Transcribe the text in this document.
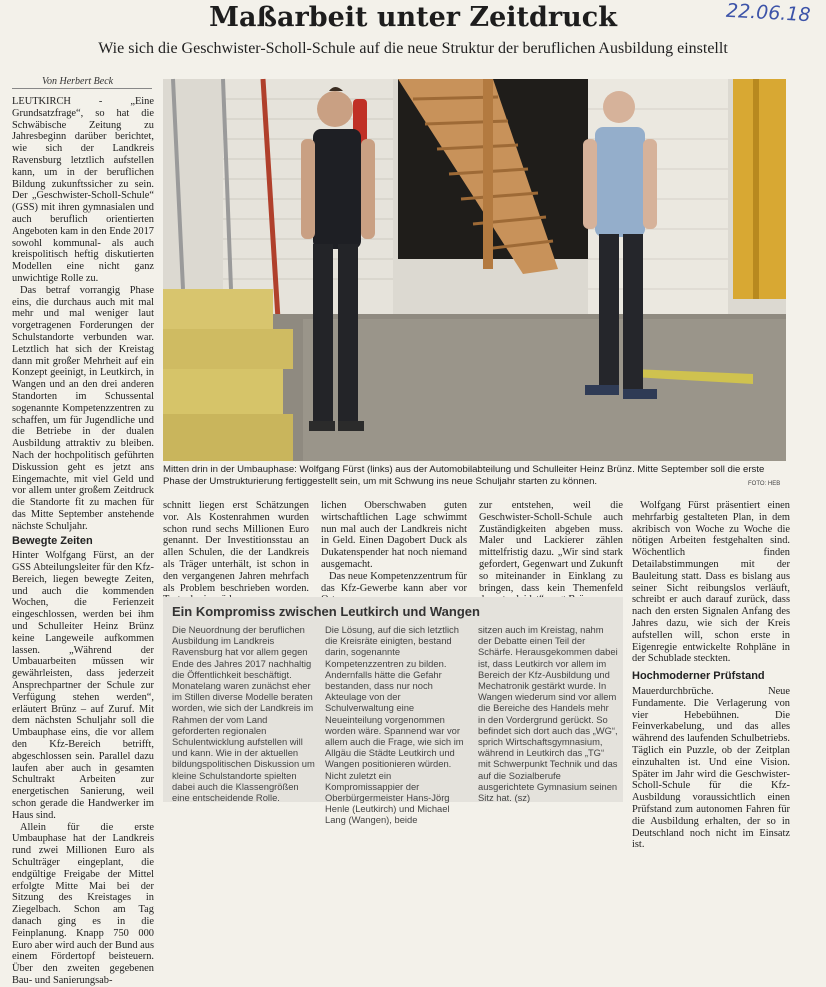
Maßarbeit unter Zeitdruck
Wie sich die Geschwister-Scholl-Schule auf die neue Struktur der beruflichen Ausbildung einstellt
22.06.18
Von Herbert Beck

LEUTKIRCH - „Eine Grundsatzfrage“, so hat die Schwäbische Zeitung zu Jahresbeginn darüber berichtet, wie sich der Landkreis Ravensburg letztlich aufstellen kann, um in der beruflichen Bildung zukunftssicher zu sein. Der „Geschwister-Scholl-Schule“ (GSS) mit ihren gymnasialen und auch beruflich orientierten Angeboten kam in den Ende 2017 sowohl kommunal- als auch kreispolitisch heftig diskutierten Modellen eine nicht ganz unwichtige Rolle zu.

Das betraf vorrangig Phase eins, die durchaus auch mit mal mehr und mal weniger laut vorgetragenen Forderungen der Schulstandorte verbunden war. Letztlich hat sich der Kreistag dann mit großer Mehrheit auf ein Konzept geeinigt, in Leutkirch, in Wangen und an den drei anderen Standorten im Schussental sogenannte Kompetenzzentren zu schaffen, um für Jugendliche und die Betriebe in der dualen Ausbildung attraktiv zu bleiben. Nach der hochpolitisch geführten Diskussion geht es jetzt ans Eingemachte, mit viel Geld und vor allem unter großem Zeitdruck die Standorte fit zu machen für das Mitte September anstehende nächste Schuljahr.

Bewegte Zeiten

Hinter Wolfgang Fürst, an der GSS Abteilungsleiter für den Kfz-Bereich, liegen bewegte Zeiten, und auch die kommenden Wochen, die Ferienzeit eingeschlossen, werden bei ihm und Schulleiter Heinz Brünz keine Langeweile aufkommen lassen. „Während der Umbauarbeiten müssen wir gewährleisten, dass jederzeit Ansprechpartner der Schule zur Verfügung stehen werden“, erläutert Brünz – auf Zuruf. Mit dem nächsten Schuljahr soll die Umbauphase eins, die vor allem den Kfz-Bereich betrifft, abgeschlossen sein. Parallel dazu laufen aber auch in gesamten Schultrakt Arbeiten zur energetischen Sanierung, weil schon gerade die Handwerker im Haus sind.

Allein für die erste Umbauphase hat der Landkreis rund zwei Millionen Euro als Schulträger eingeplant, die endgültige Freigabe der Mittel erfolgte Mitte Mai bei der Sitzung des Kreistages in Ziegelbach. Schon am Tag danach ging es in die Feinplanung. Knapp 750 000 Euro aber wird auch der Bund aus einem Fördertopf beisteuern. Über den zweiten gegebenen Bau- und Sanierungsab-

Mitten drin in der Umbauphase: Wolfgang Fürst (links) aus der Automobilabteilung und Schulleiter Heinz Brünz. Mitte September soll die erste Phase der Umstrukturierung fertiggestellt sein, um mit Schwung ins neue Schuljahr starten zu können.	FOTO: HEB

schnitt liegen erst Schätzungen vor. Als Kostenrahmen wurden schon rund sechs Millionen Euro genannt. Der Investitionsstau an allen Schulen, die der Landkreis als Träger unterhält, ist schon in den vergangenen Jahren mehrfach als Problem beschrieben worden.

lichen Oberschwaben guten wirtschaftlichen Lage schwimmt nun mal auch der Landkreis nicht in Geld. Einen Dagobert Duck als Dukatenspender hat noch niemand ausgemacht.

Das neue Kompetenzzentrum für das Kfz-Gewerbe kann aber vor

zur entstehen, weil die Geschwister-Scholl-Schule auch Zuständigkeiten abgeben muss. Maler und Lackierer zählen mittelfristig dazu. „Wir sind stark gefordert, Gegenwart und Zukunft so miteinander in Einklang zu bringen, dass kein Themenfeld

Ein Kompromiss zwischen Leutkirch und Wangen

Die Neuordnung der beruflichen Ausbildung im Landkreis Ravensburg hat vor allem gegen Ende des Jahres 2017 nachhaltig die Öffentlichkeit beschäftigt. Monatelang waren zunächst eher im Stillen diverse Modelle beraten worden, wie sich der Landkreis im Rahmen der vom Land geforderten regionalen Schulentwicklung aufstellen will und kann. Wie in der aktuellen bildungspolitischen Diskussion um kleine Schulstandorte spielten dabei auch die Klassengrößen eine entscheidende Rolle.

Die Lösung, auf die sich letztlich die Kreisräte einigten, bestand darin, sogenannte Kompetenzzentren zu bilden. Andernfalls hätte die Gefahr bestanden, dass nur noch Akteulage von der Schulverwaltung eine Neueinteilung vorgenommen worden wäre. Spannend war vor allem auch die Frage, wie sich im Allgäu die Städte Leutkirch und Wangen positionieren würden. Nicht zuletzt ein Kompromissappier der Oberbürgermeister Hans-Jörg Henle (Leutkirch) und Michael Lang (Wangen), beide

sitzen auch im Kreistag, nahm der Debatte einen Teil der Schärfe. Herausgekommen dabei ist, dass Leutkirch vor allem im Bereich der Kfz-Ausbildung und Mechatronik gestärkt wurde. In Wangen wiederum sind vor allem die Bereiche des Handels mehr in den Vordergrund gerückt. So befindet sich dort auch das „WG“, sprich Wirtschaftsgymnasium, während in Leutkirch das „TG“ mit Schwerpunkt Technik und das auf die Sozialberufe ausgerichtete Gymnasium seinen Sitz hat. (sz)

Wolfgang Fürst präsentiert einen mehrfarbig gestalteten Plan, in dem akribisch von Woche zu Woche die nötigen Arbeiten festgehalten sind. Wöchentlich finden Detailabstimmungen mit der Bauleitung statt. Dass es bislang aus seiner Sicht reibungslos verläuft, schreibt er auch darauf zurück, dass nach den ersten Signalen Anfang des Jahres dazu, wie sich der Kreis aufstellen will, schon erste in Eigenregie entwickelte Rohpläne in der Schublade steckten.

Hochmoderner Prüfstand

Mauerdurchbrüche. Neue Fundamente. Die Verlagerung von vier Hebebühnen. Die Feinverkabelung, und das alles während des laufenden Schulbetriebs. Täglich ein Puzzle, ob der Zeitplan einzuhalten ist. Und eine Vision. Später im Jahr wird die Geschwister-Scholl-Schule für die Kfz-Ausbildung voraussichtlich einen Prüfstand zum autonomen Fahren für die Ausbildung erhalten, der so in Deutschland noch nicht im Einsatz ist.
